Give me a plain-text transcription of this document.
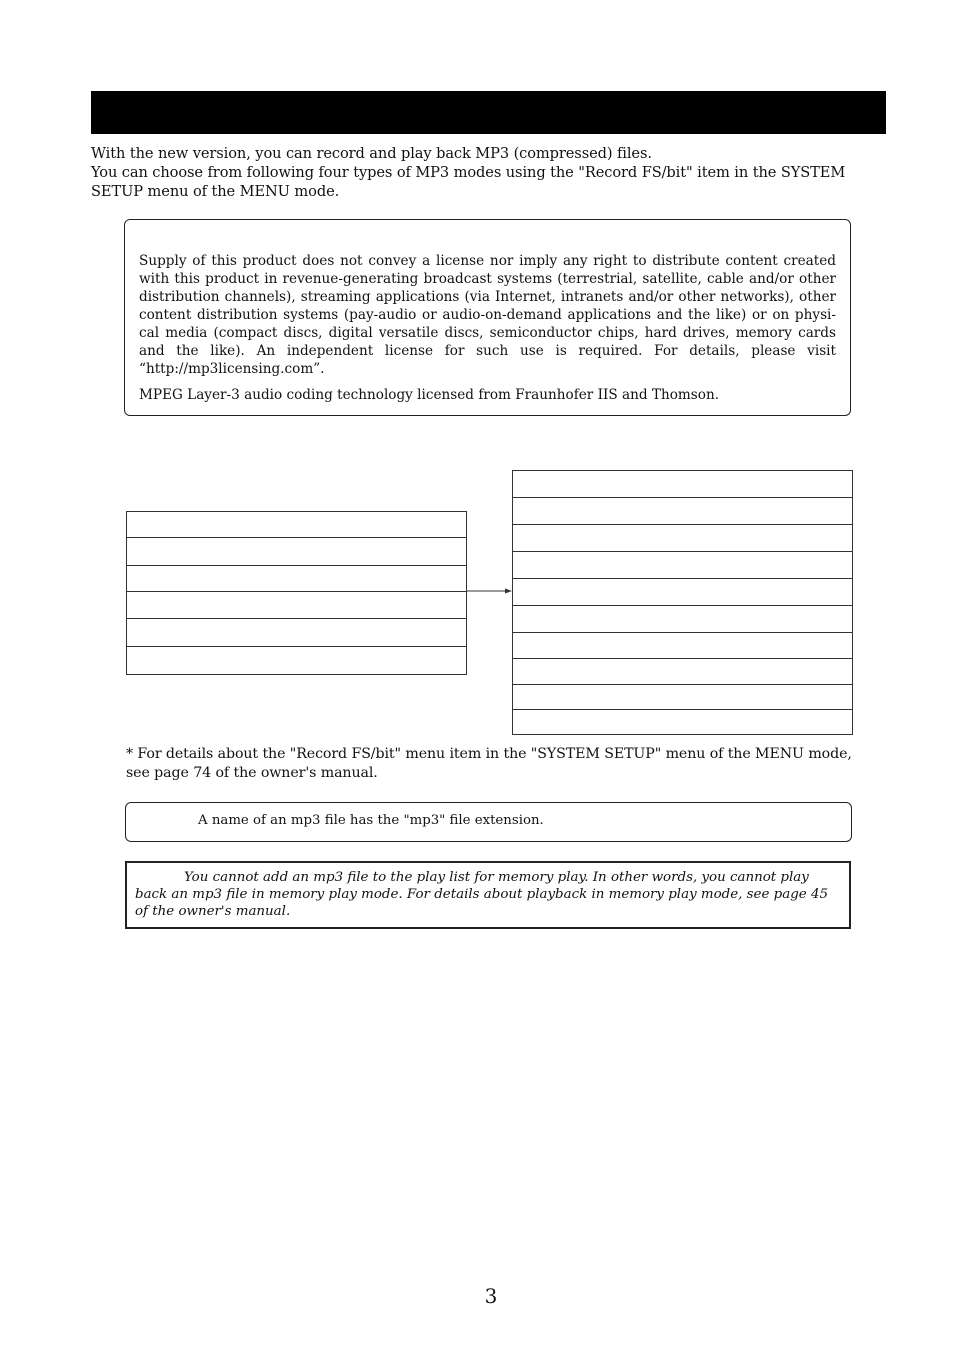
With the new version, you can record and play back MP3 (compressed) files.

You can choose from following four types of MP3 modes using the "Record FS/bit" item in the SYSTEM SETUP menu of the MENU mode.

Supply of this product does not convey a license nor imply any right to distribute content created with this product in revenue-generating broadcast systems (terrestrial, satellite, cable and/or other distribution channels), streaming applications (via Internet, intranets and/or other networks), other content distribution systems (pay-audio or audio-on-demand applications and the like) or on physi-cal media (compact discs, digital versatile discs, semiconductor chips, hard drives, memory cards and the like). An independent license for such use is required. For details, please visit “http://mp3licensing.com”.

MPEG Layer-3 audio coding technology licensed from Fraunhofer IIS and Thomson.

* For details about the "Record FS/bit" menu item in the "SYSTEM SETUP" menu of the MENU mode, see page 74 of the owner's manual.
A name of an mp3 file has the "mp3" file extension.
You cannot add an mp3 file to the play list for memory play. In other words, you cannot play back an mp3 file in memory play mode. For details about playback in memory play mode, see page 45 of the owner's manual.
3
